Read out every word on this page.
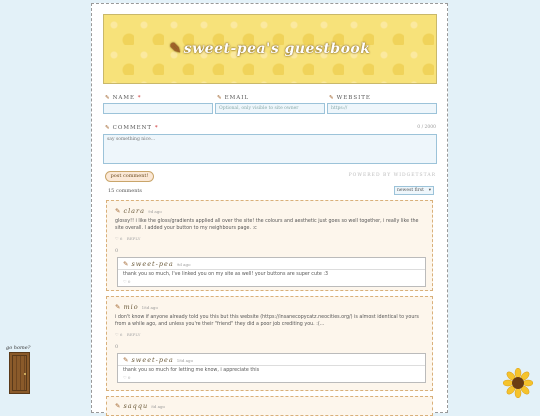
✎ sweet-pea's guestbook
✎ NAME *	✎ EMAIL
Optional, only visible to site owner
✎ WEBSITE
https://
✎ COMMENT *	0 / 2000
say something nice...
post comment!	POWERED BY WIDGETSTAR
15 comments	newest first ▾
✎ clara 9d ago
glossy!! i like the gloss/gradients applied all over the site! the colours and aesthetic just goes so well together, i really like the site overall. I added your button to my neighbours page. :c
♡ 6 REPLY
0
✎ sweet-pea 9d ago
thank you so much, I've linked you on my site as well! your buttons are super cute :3
♡ 0
✎ mio 18d ago
i don't know if anyone already told you this but this website (https://insanecopycatz.neocities.org/) is almost identical to yours from a while ago, and unless you're their "friend" they did a poor job crediting you. :(...
♡ 6 REPLY
0
✎ sweet-pea 18d ago
thank you so much for letting me know, i appreciate this
♡ 0
✎ saqqu 8d ago
go home?
